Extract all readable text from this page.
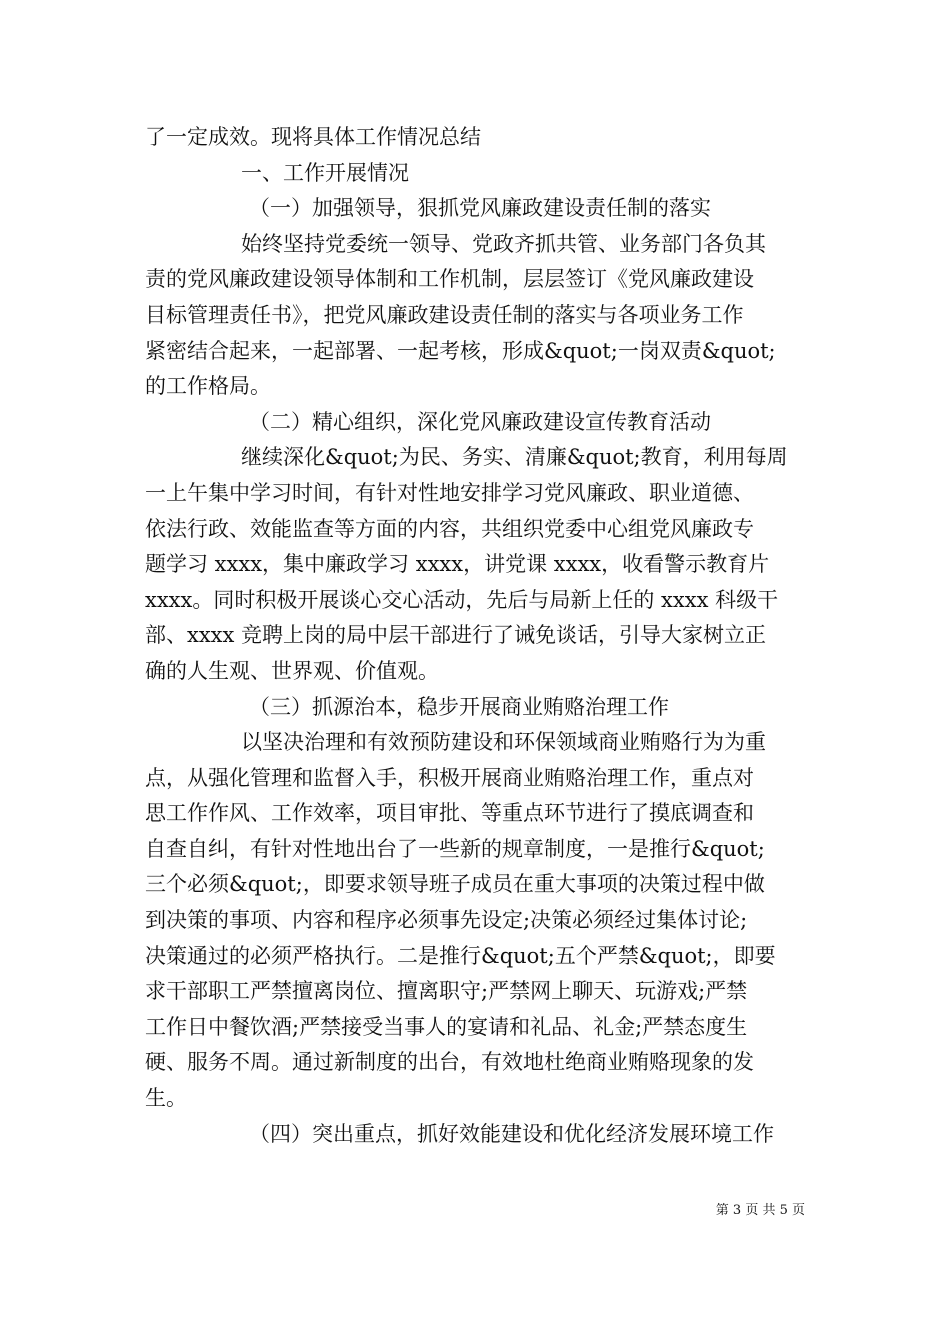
了一定成效。现将具体工作情况总结
一、工作开展情况
（一）加强领导，狠抓党风廉政建设责任制的落实
始终坚持党委统一领导、党政齐抓共管、业务部门各负其
责的党风廉政建设领导体制和工作机制，层层签订《党风廉政建设
目标管理责任书》，把党风廉政建设责任制的落实与各项业务工作
紧密结合起来，一起部署、一起考核，形成&quot;一岗双责&quot;
的工作格局。
（二）精心组织，深化党风廉政建设宣传教育活动
继续深化&quot;为民、务实、清廉&quot;教育，利用每周
一上午集中学习时间，有针对性地安排学习党风廉政、职业道德、
依法行政、效能监查等方面的内容，共组织党委中心组党风廉政专
题学习 xxxx，集中廉政学习 xxxx，讲党课 xxxx，收看警示教育片
xxxx。同时积极开展谈心交心活动，先后与局新上任的 xxxx 科级干
部、xxxx 竞聘上岗的局中层干部进行了诫免谈话，引导大家树立正
确的人生观、世界观、价值观。
（三）抓源治本，稳步开展商业贿赂治理工作
以坚决治理和有效预防建设和环保领域商业贿赂行为为重
点，从强化管理和监督入手，积极开展商业贿赂治理工作，重点对
思工作作风、工作效率，项目审批、等重点环节进行了摸底调查和
自查自纠，有针对性地出台了一些新的规章制度，一是推行&quot;
三个必须&quot;，即要求领导班子成员在重大事项的决策过程中做
到决策的事项、内容和程序必须事先设定;决策必须经过集体讨论;
决策通过的必须严格执行。二是推行&quot;五个严禁&quot;，即要
求干部职工严禁擅离岗位、擅离职守;严禁网上聊天、玩游戏;严禁
工作日中餐饮酒;严禁接受当事人的宴请和礼品、礼金;严禁态度生
硬、服务不周。通过新制度的出台，有效地杜绝商业贿赂现象的发
生。
（四）突出重点，抓好效能建设和优化经济发展环境工作
第 3 页 共 5 页
